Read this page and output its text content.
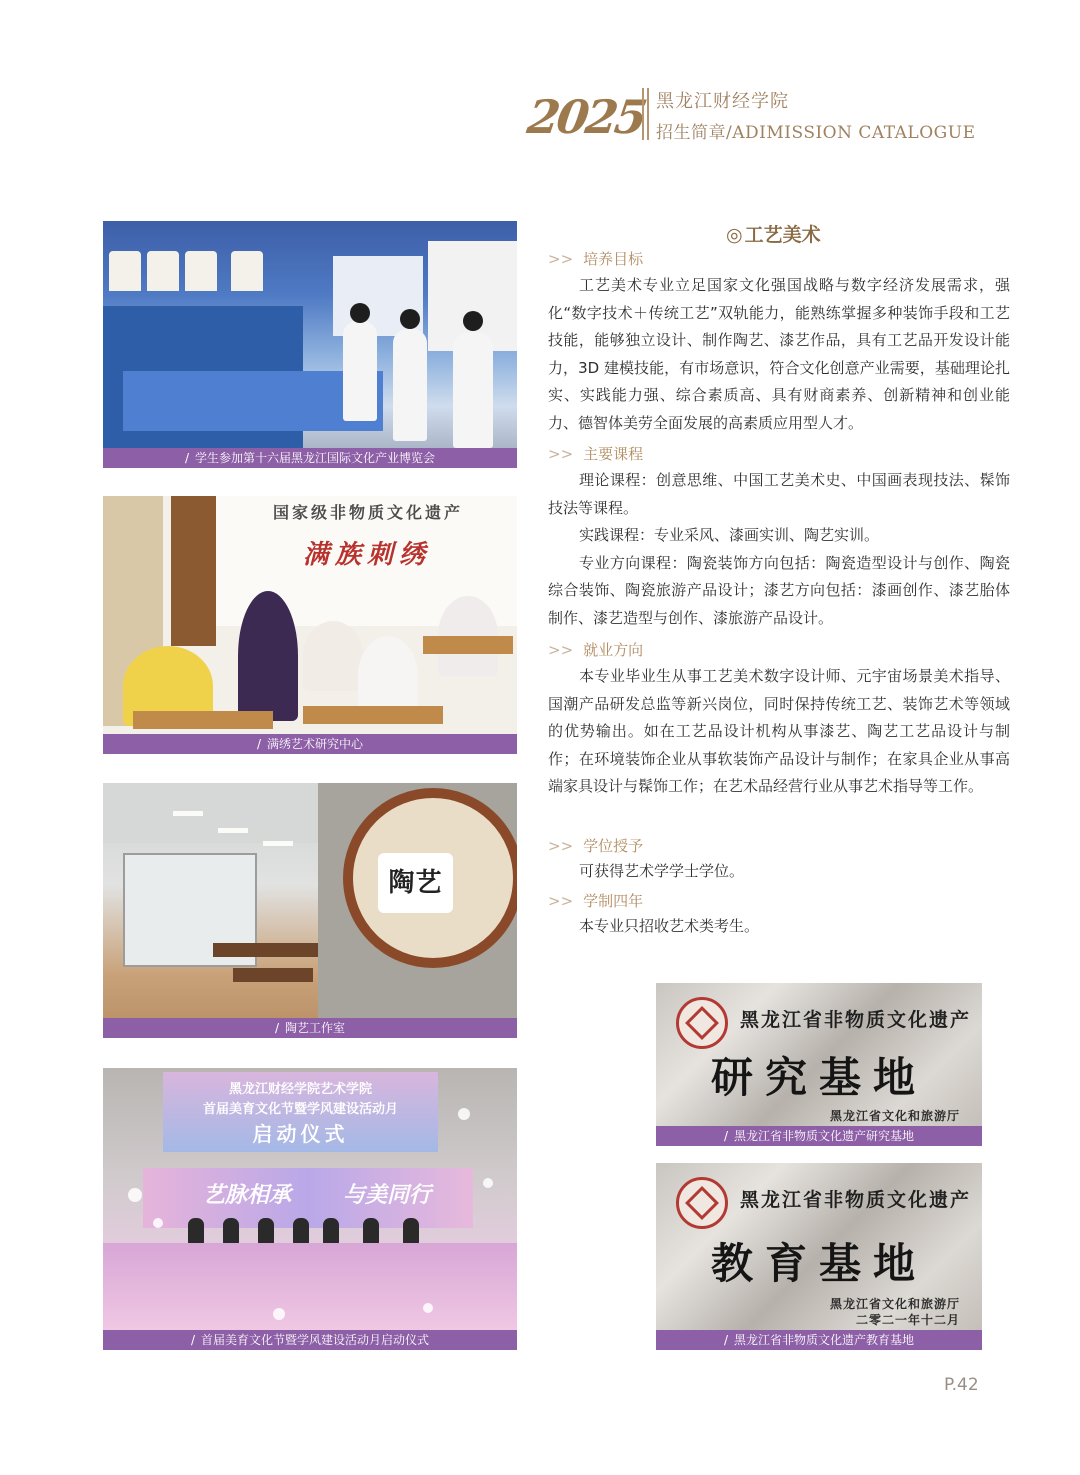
2025 黑龙江财经学院
招生简章/ADIMISSION CATALOGUE
/ 学生参加第十六届黑龙江国际文化产业博览会
国家级非物质文化遗产
满族刺绣
/ 满绣艺术研究中心
陶艺
/ 陶艺工作室
黑龙江财经学院艺术学院
首届美育文化节暨学风建设活动月
启动仪式
艺脉相承 与美同行
/ 首届美育文化节暨学风建设活动月启动仪式
黑龙江省非物质文化遗产
研究基地
黑龙江省文化和旅游厅
/ 黑龙江省非物质文化遗产研究基地
黑龙江省非物质文化遗产
教育基地
黑龙江省文化和旅游厅
二零二一年十二月
/ 黑龙江省非物质文化遗产教育基地
◎ 工艺美术
>> 培养目标

工艺美术专业立足国家文化强国战略与数字经济发展需求，强化“数字技术＋传统工艺”双轨能力，能熟练掌握多种装饰手段和工艺技能，能够独立设计、制作陶艺、漆艺作品，具有工艺品开发设计能力，3D 建模技能，有市场意识，符合文化创意产业需要，基础理论扎实、实践能力强、综合素质高、具有财商素养、创新精神和创业能力、德智体美劳全面发展的高素质应用型人才。

>> 主要课程

理论课程：创意思维、中国工艺美术史、中国画表现技法、髹饰技法等课程。

实践课程：专业采风、漆画实训、陶艺实训。

专业方向课程：陶瓷装饰方向包括：陶瓷造型设计与创作、陶瓷综合装饰、陶瓷旅游产品设计；漆艺方向包括：漆画创作、漆艺胎体制作、漆艺造型与创作、漆旅游产品设计。

>> 就业方向

本专业毕业生从事工艺美术数字设计师、元宇宙场景美术指导、国潮产品研发总监等新兴岗位，同时保持传统工艺、装饰艺术等领域的优势输出。如在工艺品设计机构从事漆艺、陶艺工艺品设计与制作；在环境装饰企业从事软装饰产品设计与制作；在家具企业从事高端家具设计与髹饰工作；在艺术品经营行业从事艺术指导等工作。

>> 学位授予

可获得艺术学学士学位。

>> 学制四年

本专业只招收艺术类考生。

P.42
